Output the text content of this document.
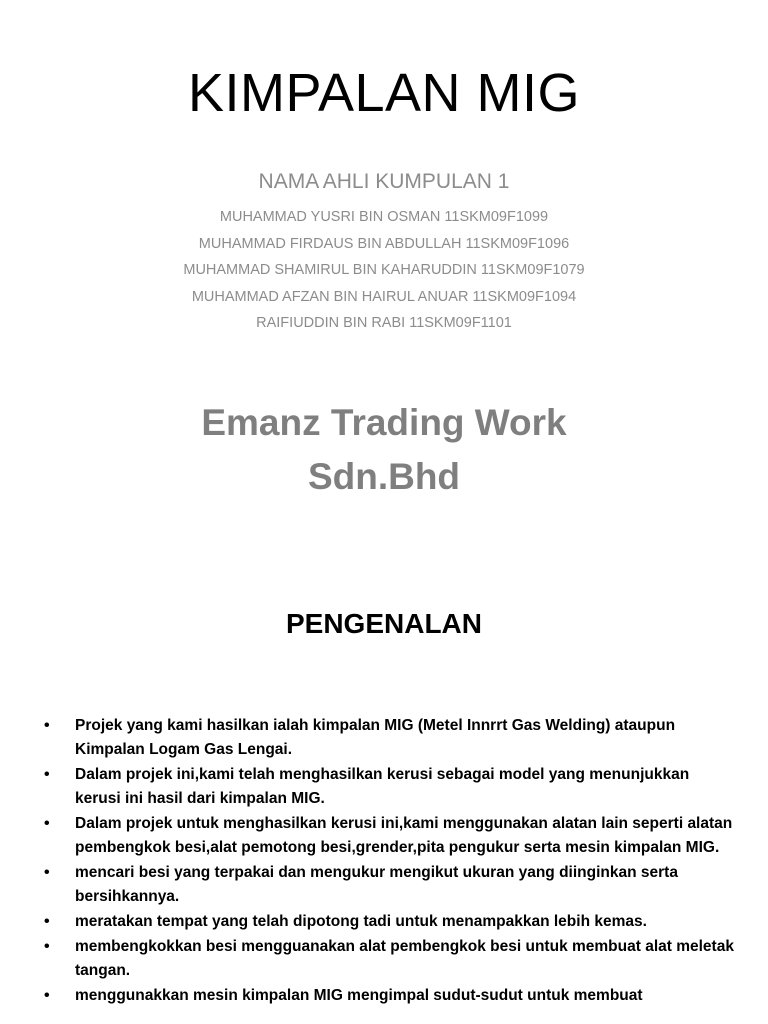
KIMPALAN MIG
NAMA AHLI KUMPULAN 1
MUHAMMAD YUSRI BIN OSMAN 11SKM09F1099
MUHAMMAD FIRDAUS BIN ABDULLAH 11SKM09F1096
MUHAMMAD SHAMIRUL BIN KAHARUDDIN 11SKM09F1079
MUHAMMAD AFZAN BIN HAIRUL ANUAR 11SKM09F1094
RAIFIUDDIN BIN RABI 11SKM09F1101
Emanz Trading Work
Sdn.Bhd
PENGENALAN
• Projek yang kami hasilkan ialah kimpalan MIG (Metel Innrrt Gas Welding) ataupun Kimpalan Logam Gas Lengai.
• Dalam projek ini,kami telah menghasilkan kerusi sebagai model yang menunjukkan kerusi ini hasil dari kimpalan MIG.
• Dalam projek untuk menghasilkan kerusi ini,kami menggunakan alatan lain seperti alatan pembengkok besi,alat pemotong besi,grender,pita pengukur serta mesin kimpalan MIG.
• mencari besi yang terpakai dan mengukur mengikut ukuran yang diinginkan serta bersihkannya.
• meratakan tempat yang telah dipotong tadi untuk menampakkan lebih kemas.
• membengkokkan besi mengguanakan alat pembengkok besi untuk membuat alat meletak tangan.
• menggunakkan mesin kimpalan MIG mengimpal sudut-sudut untuk membuat
